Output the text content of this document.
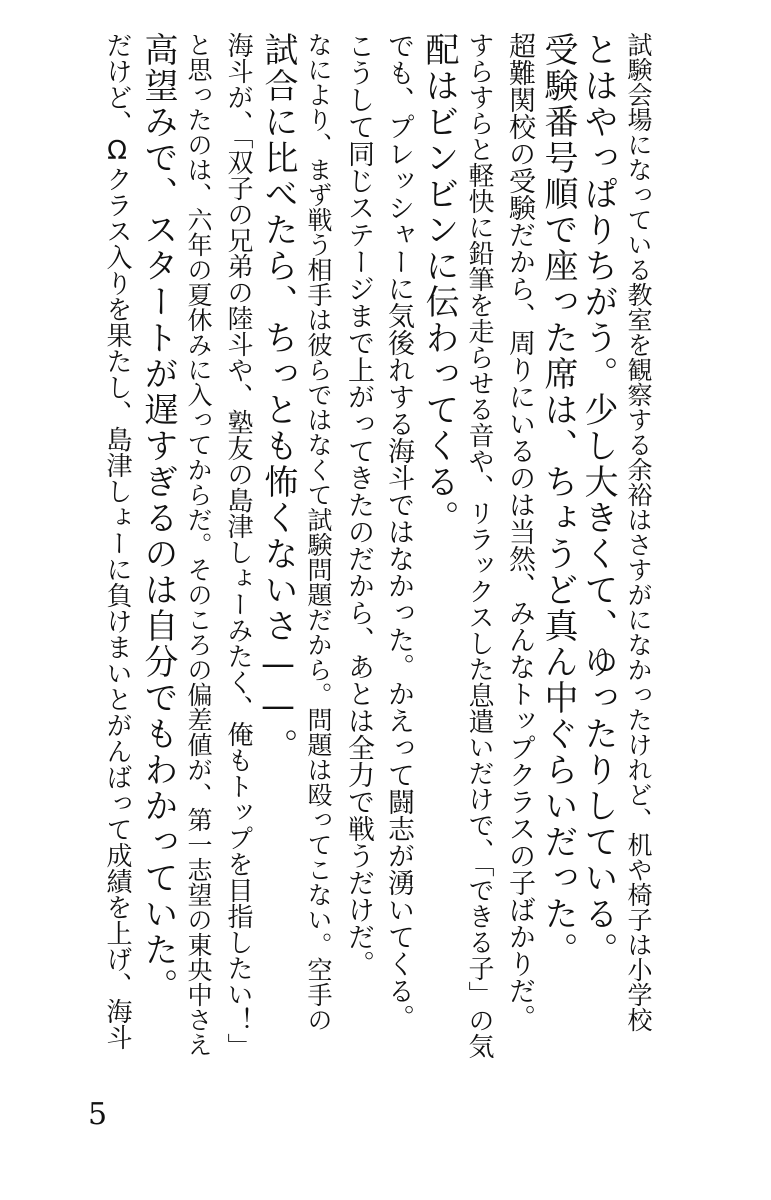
試験会場になっている教室を観察する余裕はさすがになかったけれど、机や椅子は小学校
とはやっぱりちがう。少し大きくて、ゆったりしている。
受験番号順で座った席は、ちょうど真ん中ぐらいだった。
超難関校の受験だから、周りにいるのは当然、みんなトップクラスの子ばかりだ。
すらすらと軽快に鉛筆を走らせる音や、リラックスした息遣いだけで、「できる子」の気
配はビンビンに伝わってくる。
でも、プレッシャーに気後れする海斗ではなかった。かえって闘志が湧いてくる。
こうして同じステージまで上がってきたのだから、あとは全力で戦うだけだ。
なにより、まず戦う相手は彼らではなくて試験問題だから。問題は殴ってこない。空手の
試合に比べたら、ちっとも怖くないさ——。
海斗が、「双子の兄弟の陸斗や、塾友の島津しょーみたく、俺もトップを目指したい！」
と思ったのは、六年の夏休みに入ってからだ。そのころの偏差値が、第一志望の東央中さえ
高望みで、スタートが遅すぎるのは自分でもわかっていた。
だけど、Ωクラス入りを果たし、島津しょーに負けまいとがんばって成績を上げ、海斗
5
